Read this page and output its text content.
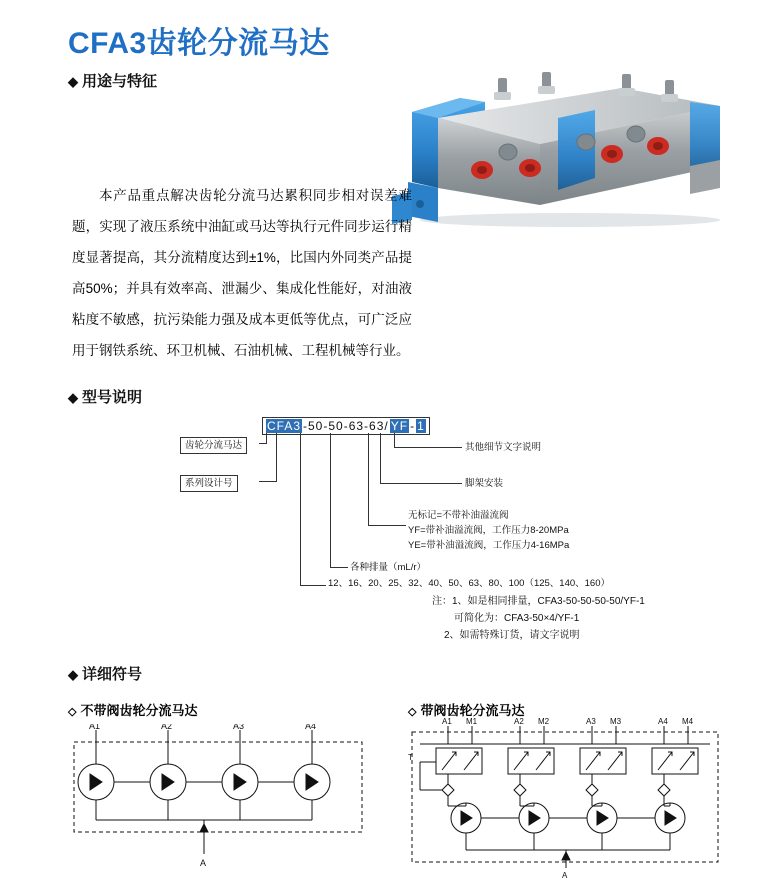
CFA3齿轮分流马达
◆ 用途与特征
本产品重点解决齿轮分流马达累积同步相对误差难题，实现了液压系统中油缸或马达等执行元件同步运行精度显著提高，其分流精度达到±1%，比国内外同类产品提高50%；并具有效率高、泄漏少、集成化性能好，对油液粘度不敏感，抗污染能力强及成本更低等优点，可广泛应用于钢铁系统、环卫机械、石油机械、工程机械等行业。
◆ 型号说明
CFA3 -50-50-63-63/ YF - 1
齿轮分流马达
系列设计号
其他细节文字说明
脚架安装
无标记=不带补油溢流阀
YF=带补油溢流阀，工作压力8-20MPa
YE=带补油溢流阀，工作压力4-16MPa
各种排量（mL/r）
12、16、20、25、32、40、50、63、80、100（125、140、160）
注：1、如是相同排量，CFA3-50-50-50-50/YF-1
可简化为：CFA3-50×4/YF-1
2、如需特殊订货，请文字说明
◆ 详细符号
◇ 不带阀齿轮分流马达	◇ 带阀齿轮分流马达
A1	A2	A3	A4
A
A1 M1	A2 M2	A3 M3	A4 M4
T
A
